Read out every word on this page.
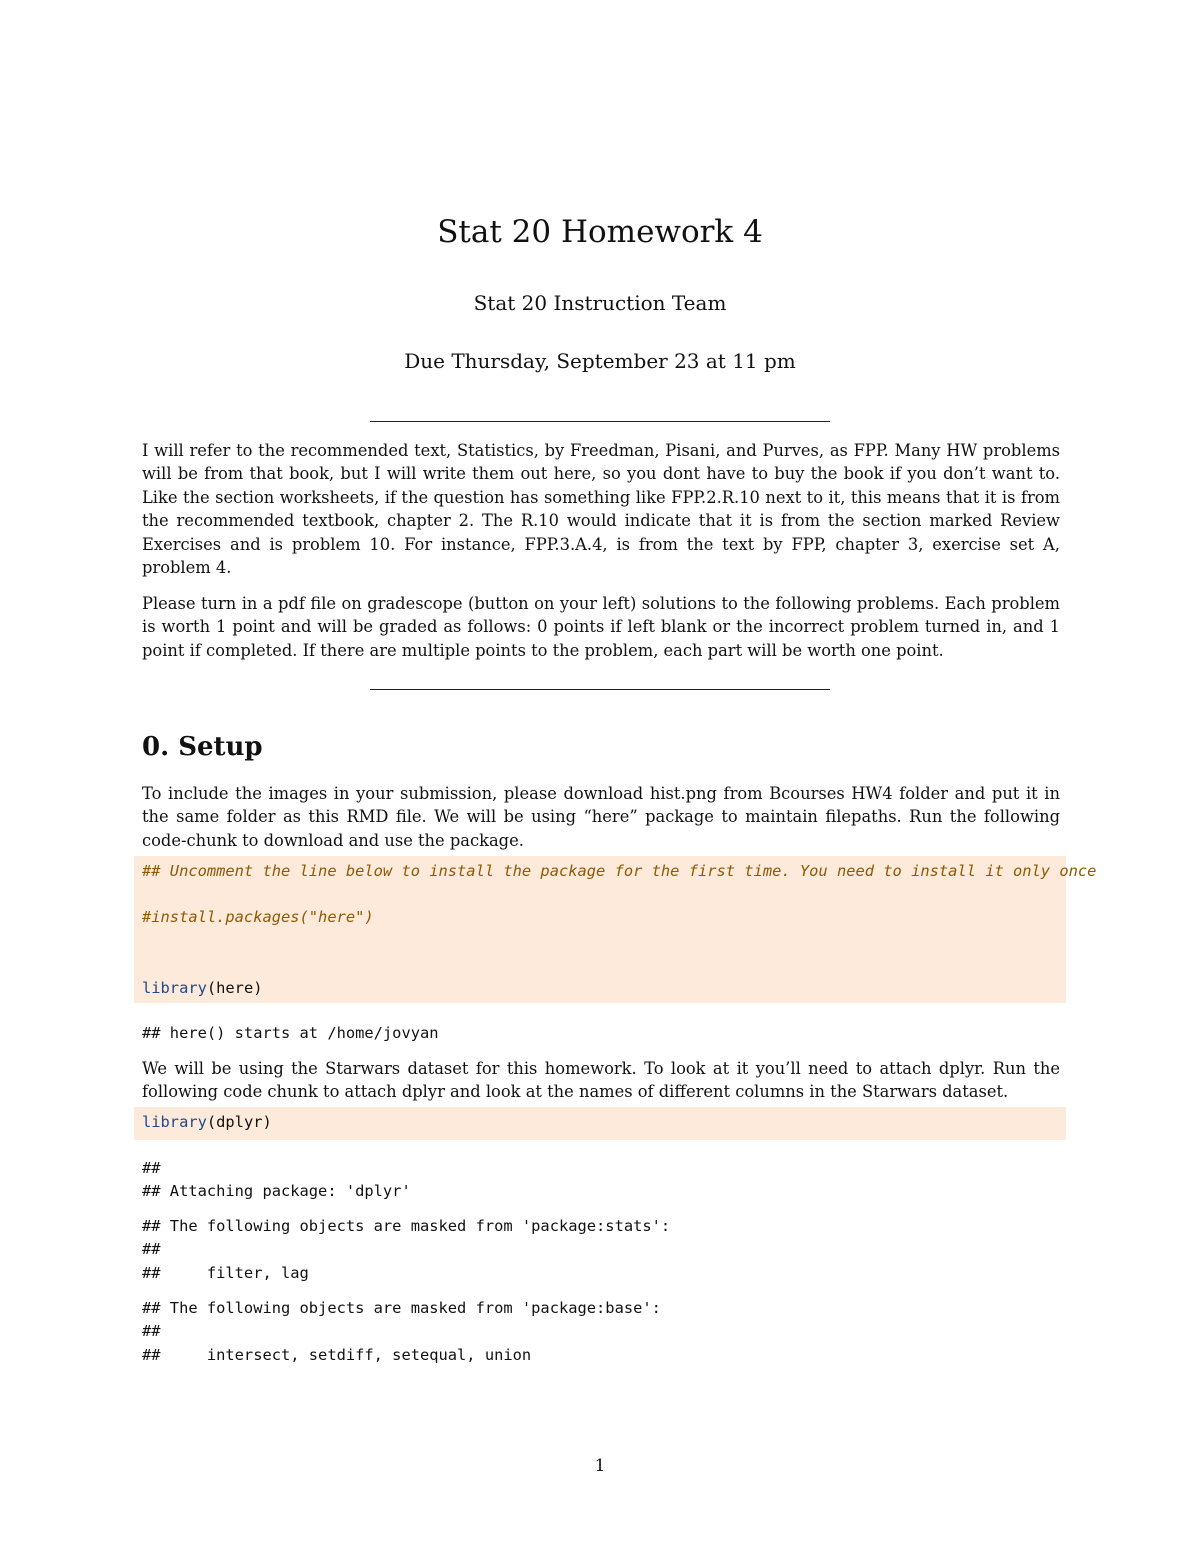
Stat 20 Homework 4
Stat 20 Instruction Team
Due Thursday, September 23 at 11 pm

I will refer to the recommended text, Statistics, by Freedman, Pisani, and Purves, as FPP. Many HW problems will be from that book, but I will write them out here, so you dont have to buy the book if you don’t want to. Like the section worksheets, if the question has something like FPP.2.R.10 next to it, this means that it is from the recommended textbook, chapter 2. The R.10 would indicate that it is from the section marked Review Exercises and is problem 10. For instance, FPP.3.A.4, is from the text by FPP, chapter 3, exercise set A, problem 4.

Please turn in a pdf file on gradescope (button on your left) solutions to the following problems. Each problem is worth 1 point and will be graded as follows: 0 points if left blank or the incorrect problem turned in, and 1 point if completed. If there are multiple points to the problem, each part will be worth one point.

0. Setup

To include the images in your submission, please download hist.png from Bcourses HW4 folder and put it in the same folder as this RMD file. We will be using “here” package to maintain filepaths. Run the following code-chunk to download and use the package.

## Uncomment the line below to install the package for the first time. You need to install it only once
#install.packages("here")
library(here)
## here() starts at /home/jovyan

We will be using the Starwars dataset for this homework. To look at it you’ll need to attach dplyr. Run the following code chunk to attach dplyr and look at the names of different columns in the Starwars dataset.

library(dplyr)
##
## Attaching package: 'dplyr'
## The following objects are masked from 'package:stats':
##
##     filter, lag
## The following objects are masked from 'package:base':
##
##     intersect, setdiff, setequal, union
1
